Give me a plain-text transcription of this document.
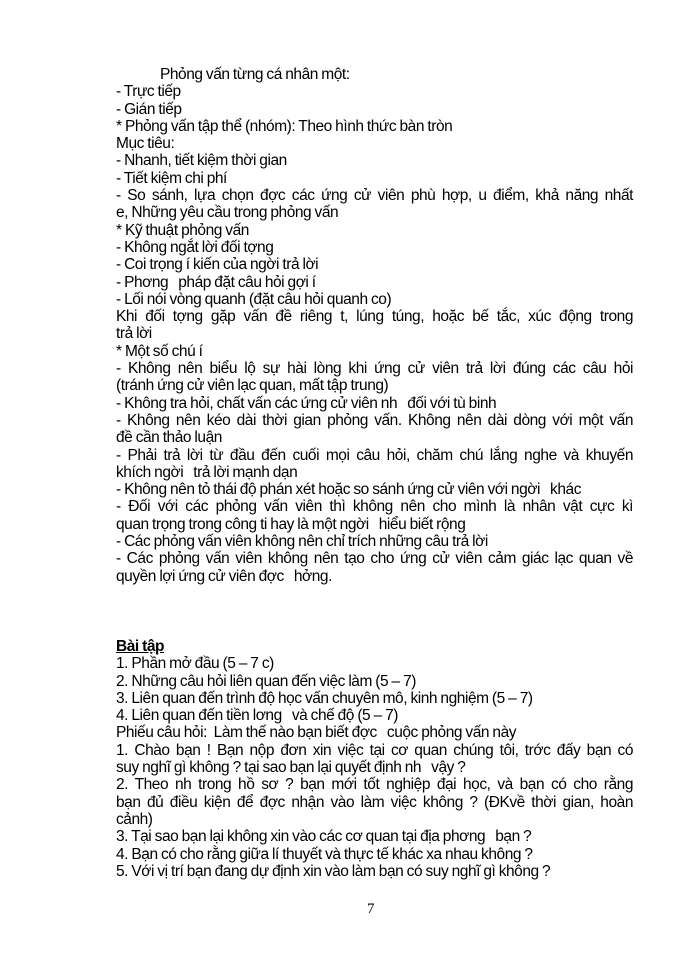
Phỏng vấn từng cá nhân một:
- Trực tiếp
- Gián tiếp
* Phỏng vấn tập thể (nhóm): Theo hình thức bàn tròn
Mục tiêu:
- Nhanh, tiết kiệm thời gian
- Tiết kiệm chi phí
- So sánh, lựa chọn đợc các ứng cử viên phù hợp, u điểm, khả năng nhất
e, Những yêu cầu trong phỏng vấn
* Kỹ thuật phỏng vấn
- Không ngắt lời đối tợng
- Coi trọng í kiến của ngời trả lời
- Phơng   pháp đặt câu hỏi gợi í
- Lối nói vòng quanh (đặt câu hỏi quanh co)
Khi đối tợng gặp vấn đề riêng t, lúng túng, hoặc bế tắc, xúc động trong
trả lời
* Một số chú í
- Không nên biểu lộ sự hài lòng khi ứng cử viên trả lời đúng các câu hỏi
(tránh ứng cử viên lạc quan, mất tập trung)
- Không tra hỏi, chất vấn các ứng cử viên nh   đối với tù binh
- Không nên kéo dài thời gian phỏng vấn. Không nên dài dòng với một vấn
đề cần thảo luận
- Phải trả lời từ đầu đến cuối mọi câu hỏi, chăm chú lắng nghe và khuyến
khích ngời   trả lời mạnh dạn
- Không nên tỏ thái độ phán xét hoặc so sánh ứng cử viên với ngời   khác
- Đối với các phỏng vấn viên thì không nên cho mình là nhân vật cực kì
quan trọng trong công ti hay là một ngời   hiểu biết rộng
- Các phỏng vấn viên không nên chỉ trích những câu trả lời
- Các phỏng vấn viên không nên tạo cho ứng cử viên cảm giác lạc quan về
quyền lợi ứng cử viên đợc   hởng.
Bài tập
1. Phần mở đầu (5 – 7 c)
2. Những câu hỏi liên quan đến việc làm (5 – 7)
3. Liên quan đến trình độ học vấn chuyên mô, kinh nghiệm (5 – 7)
4. Liên quan đến tiền lơng   và chế độ (5 – 7)
Phiếu câu hỏi:  Làm thế nào bạn biết đợc   cuộc phỏng vấn này
1. Chào bạn ! Bạn nộp đơn xin việc tại cơ quan chúng tôi, trớc đấy bạn có
suy nghĩ gì không ? tại sao bạn lại quyết định nh   vậy ?
2. Theo nh trong hồ sơ ? bạn mới tốt nghiệp đại học, và bạn có cho rằng
bạn đủ điều kiện để đợc nhận vào làm việc không ? (ĐKvề thời gian, hoàn
cảnh)
3. Tại sao bạn lại không xin vào các cơ quan tại địa phơng   bạn ?
4. Bạn có cho rằng giữa lí thuyết và thực tế khác xa nhau không ?
5. Với vị trí bạn đang dự định xin vào làm bạn có suy nghĩ gì không ?
7
